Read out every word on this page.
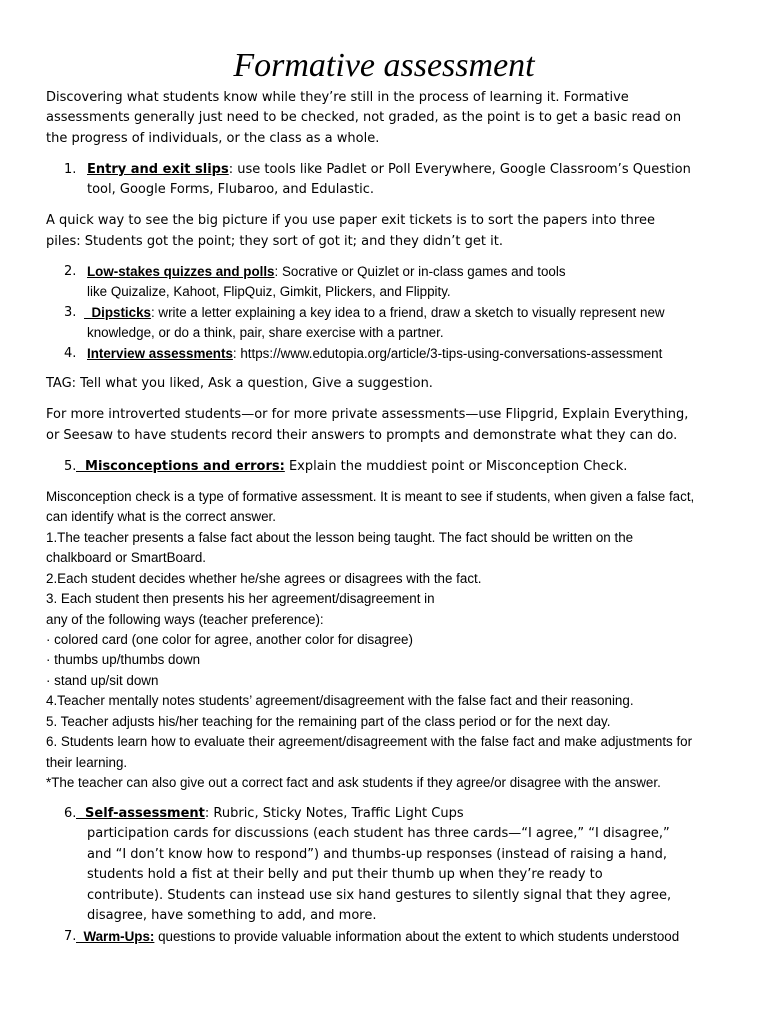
Formative assessment
Discovering what students know while they’re still in the process of learning it. Formative
assessments generally just need to be checked, not graded, as the point is to get a basic read on
the progress of individuals, or the class as a whole.
1. Entry and exit slips: use tools like Padlet or Poll Everywhere, Google Classroom’s Question
tool, Google Forms, Flubaroo, and Edulastic.
A quick way to see the big picture if you use paper exit tickets is to sort the papers into three
piles: Students got the point; they sort of got it; and they didn’t get it.
2. Low-stakes quizzes and polls: Socrative or Quizlet or in-class games and tools
like Quizalize, Kahoot, FlipQuiz, Gimkit, Plickers, and Flippity.
3. Dipsticks: write a letter explaining a key idea to a friend, draw a sketch to visually represent new
knowledge, or do a think, pair, share exercise with a partner.
4. Interview assessments: https://www.edutopia.org/article/3-tips-using-conversations-assessment
TAG: Tell what you liked, Ask a question, Give a suggestion.
For more introverted students—or for more private assessments—use Flipgrid, Explain Everything,
or Seesaw to have students record their answers to prompts and demonstrate what they can do.
5. Misconceptions and errors: Explain the muddiest point or Misconception Check.
Misconception check is a type of formative assessment. It is meant to see if students, when given a false fact,
can identify what is the correct answer.
1.The teacher presents a false fact about the lesson being taught. The fact should be written on the
chalkboard or SmartBoard.
2.Each student decides whether he/she agrees or disagrees with the fact.
3. Each student then presents his her agreement/disagreement in
any of the following ways (teacher preference):
· colored card (one color for agree, another color for disagree)
· thumbs up/thumbs down
· stand up/sit down
4.Teacher mentally notes students’ agreement/disagreement with the false fact and their reasoning.
5. Teacher adjusts his/her teaching for the remaining part of the class period or for the next day.
6. Students learn how to evaluate their agreement/disagreement with the false fact and make adjustments for
their learning.
*The teacher can also give out a correct fact and ask students if they agree/or disagree with the answer.
6. Self-assessment: Rubric, Sticky Notes, Traffic Light Cups
participation cards for discussions (each student has three cards—“I agree,” “I disagree,”
and “I don’t know how to respond”) and thumbs-up responses (instead of raising a hand,
students hold a fist at their belly and put their thumb up when they’re ready to
contribute). Students can instead use six hand gestures to silently signal that they agree,
disagree, have something to add, and more.
7. Warm-Ups: questions to provide valuable information about the extent to which students understood
